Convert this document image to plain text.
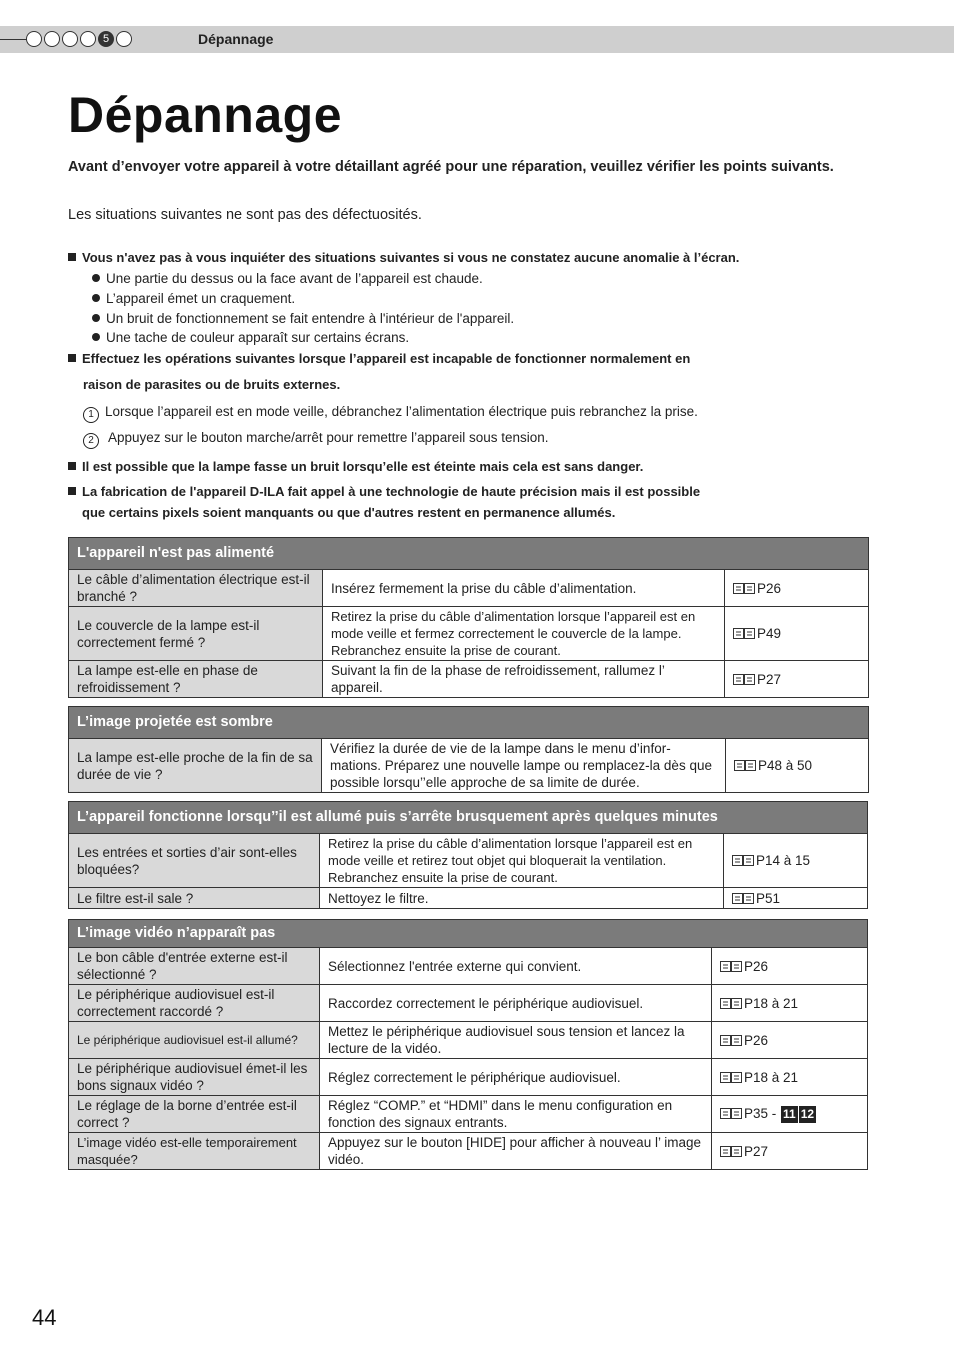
5	Dépannage
Dépannage
Avant d’envoyer votre appareil à votre détaillant agréé pour une réparation, veuillez vérifier les points suivants.
Les situations suivantes ne sont pas des défectuosités.
Vous n'avez pas à vous inquiéter des situations suivantes si vous ne constatez aucune anomalie à l’écran.
Une partie du dessus ou la face avant de l’appareil est chaude.
L’appareil émet un craquement.
Un bruit de fonctionnement se fait entendre à l'intérieur de l'appareil.
Une tache de couleur apparaît sur certains écrans.
Effectuez les opérations suivantes lorsque l’appareil est incapable de fonctionner normalement en
raison de parasites ou de bruits externes.
1 Lorsque l’appareil est en mode veille, débranchez l’alimentation électrique puis rebranchez la prise.
2 Appuyez sur le bouton marche/arrêt pour remettre l’appareil sous tension.
Il est possible que la lampe fasse un bruit lorsqu’elle est éteinte mais cela est sans danger.
La fabrication de l'appareil D-ILA fait appel à une technologie de haute précision mais il est possible
que certains pixels soient manquants ou que d'autres restent en permanence allumés.
L'appareil n'est pas alimenté		
Le câble d’alimentation électrique est-il branché ?	Insérez fermement la prise du câble d’alimentation.	P26
Le couvercle de la lampe est-il correctement fermé ?	Retirez la prise du câble d’alimentation lorsque l’appareil est en mode veille et fermez correctement le couvercle de la lampe. Rebranchez ensuite la prise de courant.	P49
La lampe est-elle en phase de refroidissement ?	Suivant la fin de la phase de refroidissement, rallumez l’ appareil.	P27
L’image projetée est sombre
La lampe est-elle proche de la fin de sa durée de vie ?	Vérifiez la durée de vie de la lampe dans le menu d’infor-mations. Préparez une nouvelle lampe ou remplacez-la dès que possible lorsqu’’elle approche de sa limite de durée.	P48 à 50
L’appareil fonctionne lorsqu’’il est allumé puis s’arrête brusquement après quelques minutes		
Les entrées et sorties d’air sont-elles bloquées?	Retirez la prise du câble d’alimentation lorsque l’appareil est en mode veille et retirez tout objet qui bloquerait la ventilation. Rebranchez ensuite la prise de courant.	P14 à 15
Le filtre est-il sale ?	Nettoyez le filtre.	P51
L’image vidéo n’apparaît pas		
Le bon câble d'entrée externe est-il sélectionné ?	Sélectionnez l'entrée externe qui convient.	P26
Le périphérique audiovisuel est-il correctement raccordé ?	Raccordez correctement le périphérique audiovisuel.	P18 à 21
Le périphérique audiovisuel est-il allumé?	Mettez le périphérique audiovisuel sous tension et lancez la lecture de la vidéo.	P26
Le périphérique audiovisuel émet-il les bons signaux vidéo ?	Réglez correctement le périphérique audiovisuel.	P18 à 21
Le réglage de la borne d’entrée est-il correct ?	Réglez “COMP.” et “HDMI” dans le menu configuration en fonction des signaux entrants.	P35 - 11 12
L’image vidéo est-elle temporairement masquée?	Appuyez sur le bouton [HIDE] pour afficher à nouveau l’ image vidéo.	P27
44
